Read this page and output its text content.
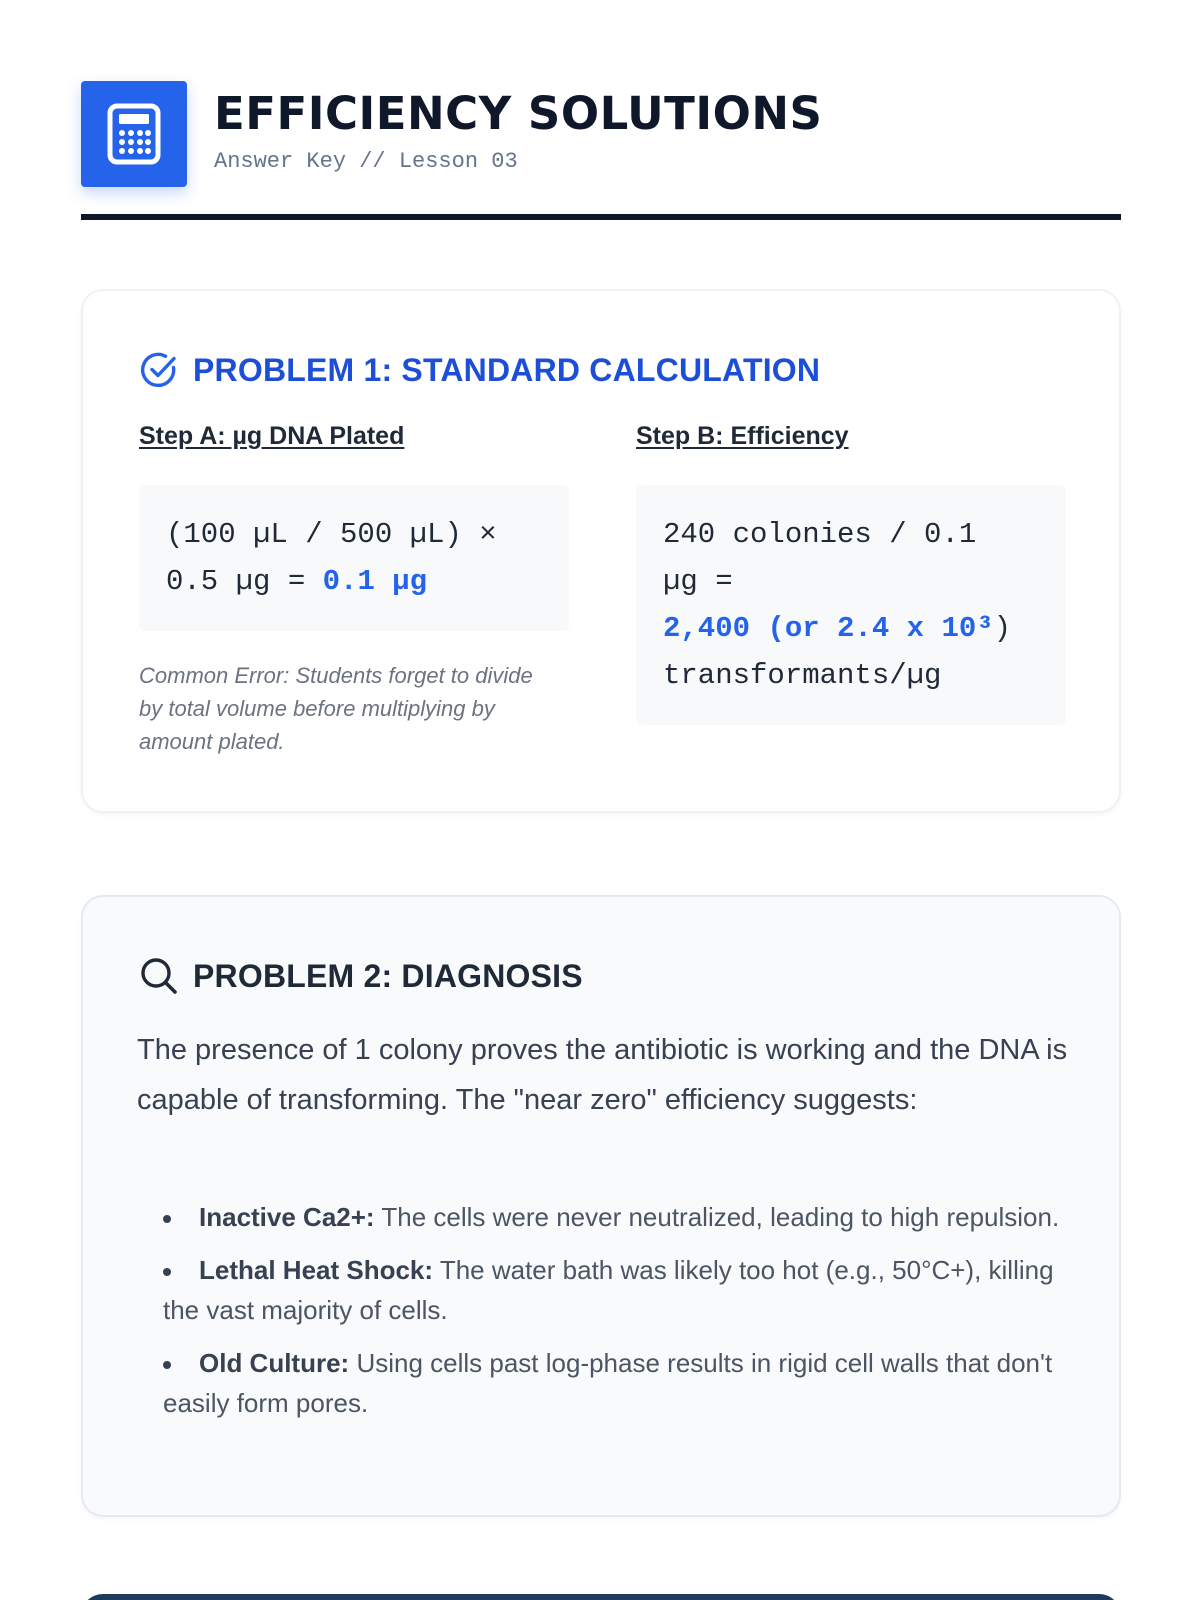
EFFICIENCY SOLUTIONS
Answer Key // Lesson 03
PROBLEM 1: STANDARD CALCULATION
Step A: µg DNA Plated	Step B: Efficiency
(100 µL / 500 µL) ×
0.5 µg = 0.1 µg
Common Error: Students forget to divide by total volume before multiplying by amount plated.
240 colonies / 0.1
µg =
2,400 (or 2.4 x 10³)
transformants/µg
PROBLEM 2: DIAGNOSIS

The presence of 1 colony proves the antibiotic is working and the DNA is capable of transforming. The "near zero" efficiency suggests:

Inactive Ca2+: The cells were never neutralized, leading to high repulsion.
Lethal Heat Shock: The water bath was likely too hot (e.g., 50°C+), killing the vast majority of cells.
Old Culture: Using cells past log-phase results in rigid cell walls that don't easily form pores.
